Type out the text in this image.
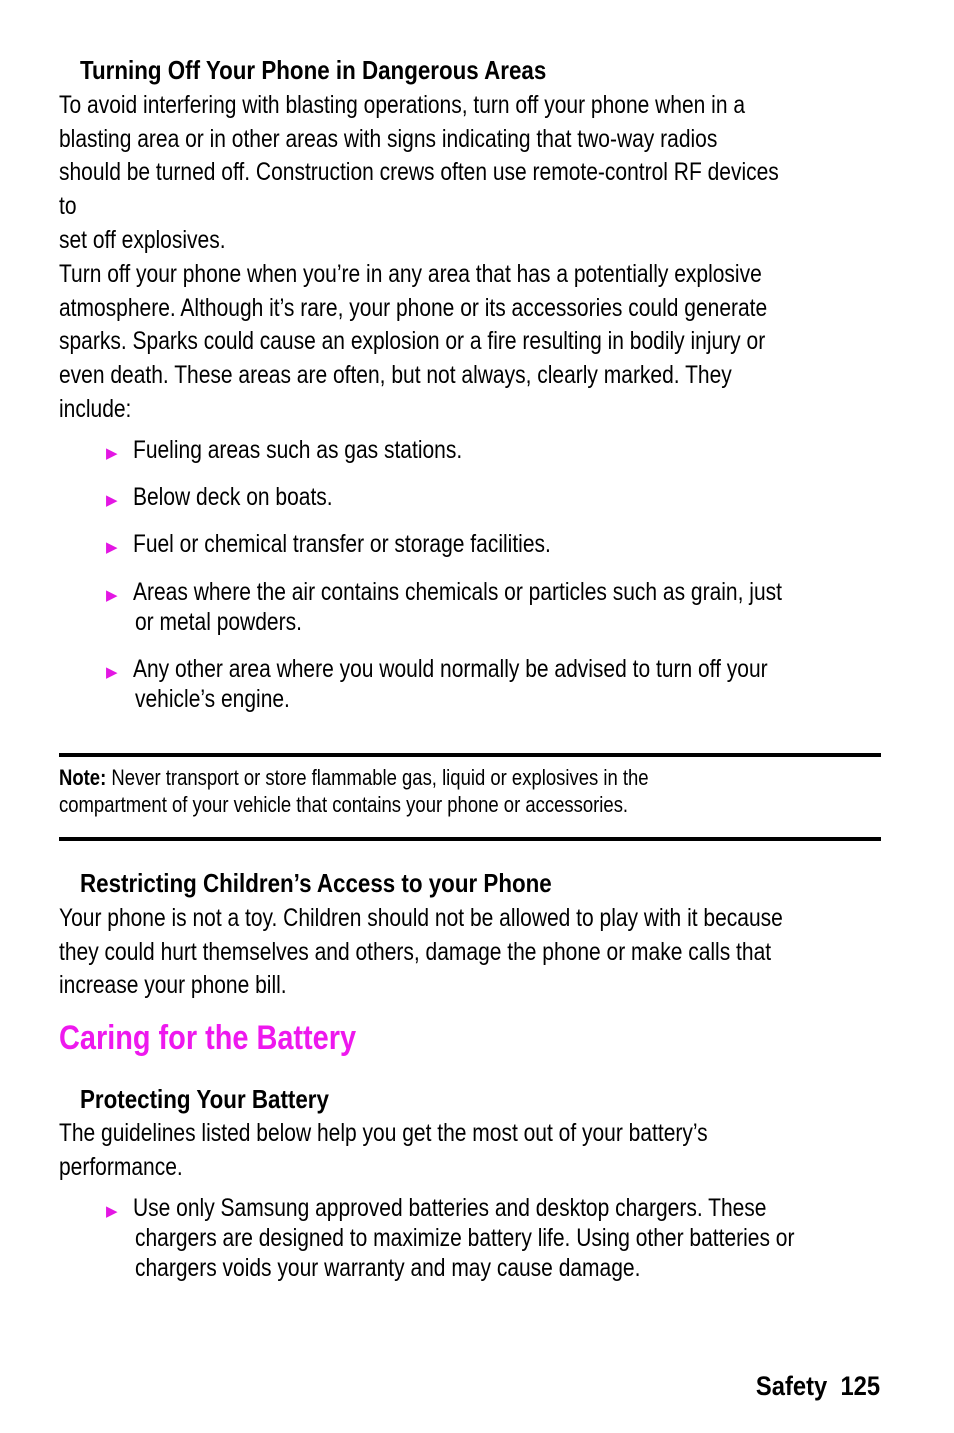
Turning Off Your Phone in Dangerous Areas
To avoid interfering with blasting operations, turn off your phone when in a
blasting area or in other areas with signs indicating that two-way radios
should be turned off. Construction crews often use remote-control RF devices
to
set off explosives.
Turn off your phone when you’re in any area that has a potentially explosive
atmosphere. Although it’s rare, your phone or its accessories could generate
sparks. Sparks could cause an explosion or a fire resulting in bodily injury or
even death. These areas are often, but not always, clearly marked. They
include:
▶ Fueling areas such as gas stations.
▶ Below deck on boats.
▶ Fuel or chemical transfer or storage facilities.
▶ Areas where the air contains chemicals or particles such as grain, just
or metal powders.
▶ Any other area where you would normally be advised to turn off your
vehicle’s engine.
Note: Never transport or store flammable gas, liquid or explosives in the
compartment of your vehicle that contains your phone or accessories.
Restricting Children’s Access to your Phone
Your phone is not a toy. Children should not be allowed to play with it because
they could hurt themselves and others, damage the phone or make calls that
increase your phone bill.
Caring for the Battery
Protecting Your Battery
The guidelines listed below help you get the most out of your battery’s
performance.
▶ Use only Samsung approved batteries and desktop chargers. These
chargers are designed to maximize battery life. Using other batteries or
chargers voids your warranty and may cause damage.
Safety 125
